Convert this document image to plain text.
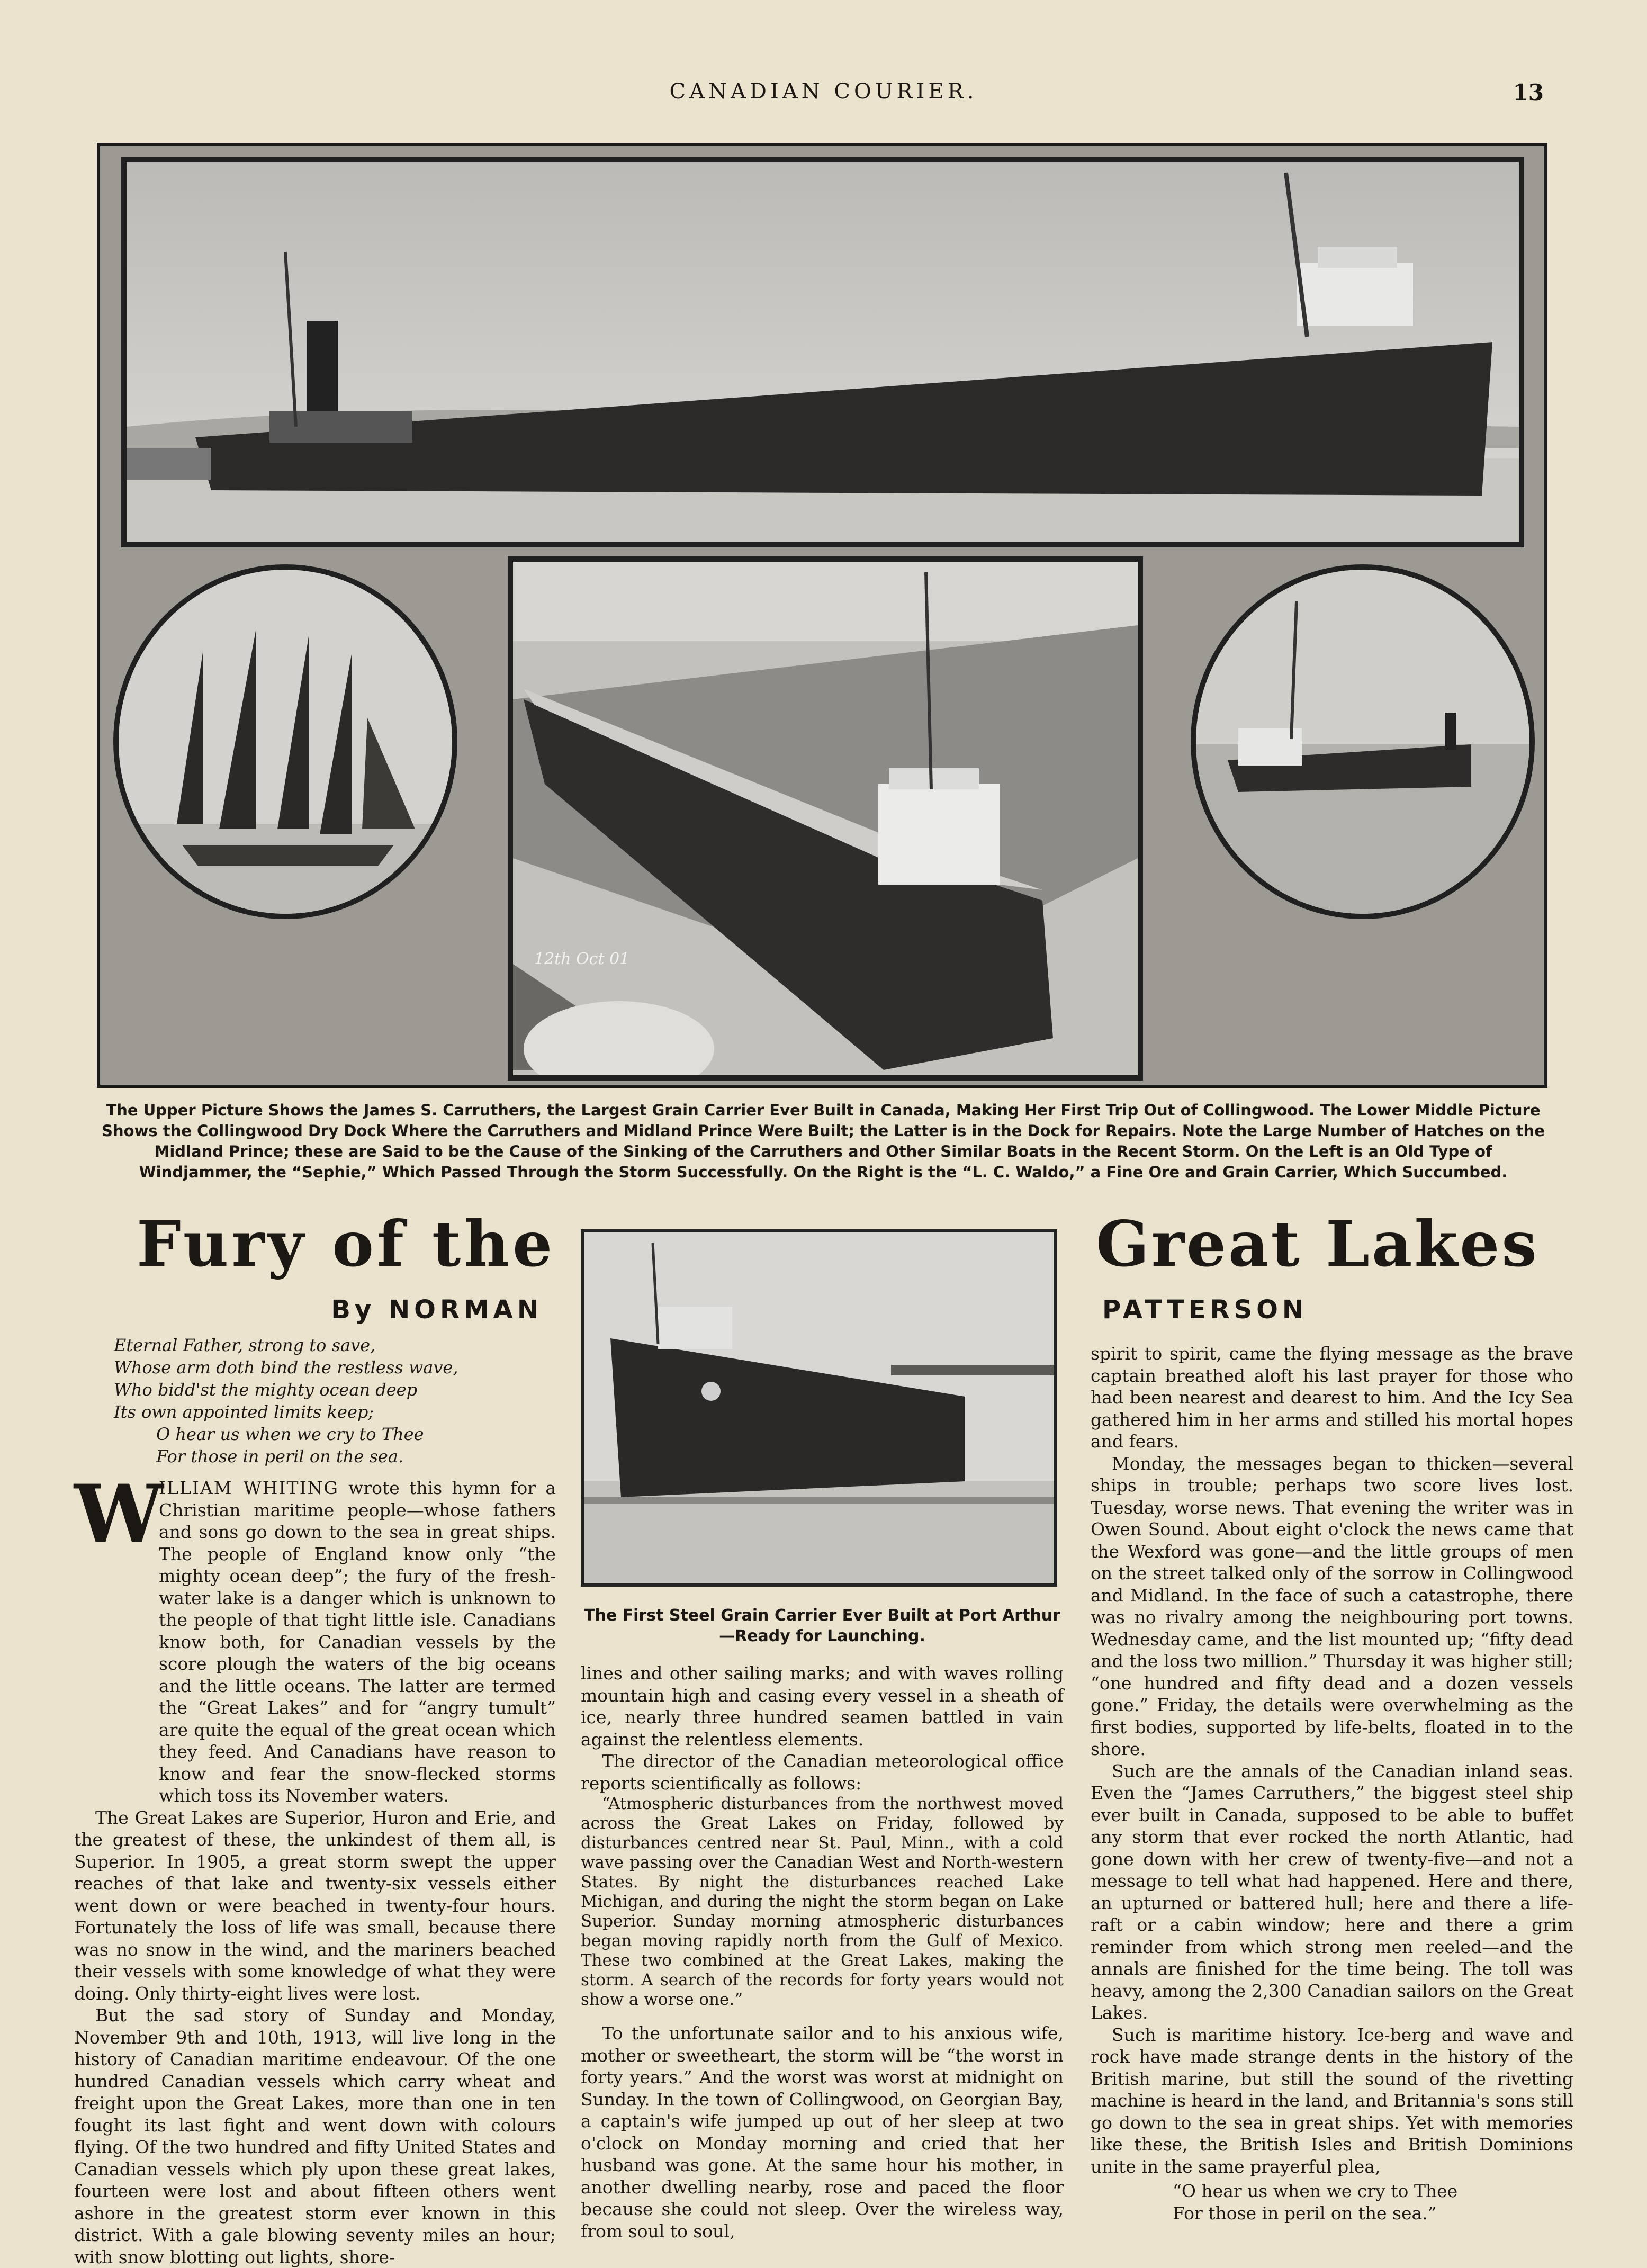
CANADIAN COURIER.	13
12th Oct 01
The Upper Picture Shows the James S. Carruthers, the Largest Grain Carrier Ever Built in Canada, Making Her First Trip Out of Collingwood. The Lower Middle Picture Shows the Collingwood Dry Dock Where the Carruthers and Midland Prince Were Built; the Latter is in the Dock for Repairs. Note the Large Number of Hatches on the Midland Prince; these are Said to be the Cause of the Sinking of the Carruthers and Other Similar Boats in the Recent Storm. On the Left is an Old Type of Windjammer, the “Sephie,” Which Passed Through the Storm Successfully. On the Right is the “L. C. Waldo,” a Fine Ore and Grain Carrier, Which Succumbed.
Fury of the	Great Lakes
By NORMAN	PATTERSON
Eternal Father, strong to save,
Whose arm doth bind the restless wave,
Who bidd'st the mighty ocean deep
Its own appointed limits keep;
O hear us when we cry to Thee
For those in peril on the sea.
W

ILLIAM WHITING wrote this hymn for a Christian maritime people—whose fathers and sons go down to the sea in great ships. The people of England know only “the mighty ocean deep”; the fury of the fresh-water lake is a danger which is unknown to the people of that tight little isle. Canadians know both, for Canadian vessels by the score plough the waters of the big oceans and the little oceans. The latter are termed the “Great Lakes” and for “angry tumult” are quite the equal of the great ocean which they feed. And Canadians have reason to know and fear the snow-flecked storms which toss its November waters.

The Great Lakes are Superior, Huron and Erie, and the greatest of these, the unkindest of them all, is Superior. In 1905, a great storm swept the upper reaches of that lake and twenty-six vessels either went down or were beached in twenty-four hours. Fortunately the loss of life was small, because there was no snow in the wind, and the mariners beached their vessels with some knowledge of what they were doing. Only thirty-eight lives were lost.

But the sad story of Sunday and Monday, November 9th and 10th, 1913, will live long in the history of Canadian maritime endeavour. Of the one hundred Canadian vessels which carry wheat and freight upon the Great Lakes, more than one in ten fought its last fight and went down with colours flying. Of the two hundred and fifty United States and Canadian vessels which ply upon these great lakes, fourteen were lost and about fifteen others went ashore in the greatest storm ever known in this district. With a gale blowing seventy miles an hour; with snow blotting out lights, shore-

The First Steel Grain Carrier Ever Built at Port Arthur—Ready for Launching.

lines and other sailing marks; and with waves rolling mountain high and casing every vessel in a sheath of ice, nearly three hundred seamen battled in vain against the relentless elements.

The director of the Canadian meteorological office reports scientifically as follows:

“Atmospheric disturbances from the northwest moved across the Great Lakes on Friday, followed by disturbances centred near St. Paul, Minn., with a cold wave passing over the Canadian West and North-western States. By night the disturbances reached Lake Michigan, and during the night the storm began on Lake Superior. Sunday morning atmospheric disturbances began moving rapidly north from the Gulf of Mexico. These two combined at the Great Lakes, making the storm. A search of the records for forty years would not show a worse one.”

To the unfortunate sailor and to his anxious wife, mother or sweetheart, the storm will be “the worst in forty years.” And the worst was worst at midnight on Sunday. In the town of Collingwood, on Georgian Bay, a captain's wife jumped up out of her sleep at two o'clock on Monday morning and cried that her husband was gone. At the same hour his mother, in another dwelling nearby, rose and paced the floor because she could not sleep. Over the wireless way, from soul to soul,

spirit to spirit, came the flying message as the brave captain breathed aloft his last prayer for those who had been nearest and dearest to him. And the Icy Sea gathered him in her arms and stilled his mortal hopes and fears.

Monday, the messages began to thicken—several ships in trouble; perhaps two score lives lost. Tuesday, worse news. That evening the writer was in Owen Sound. About eight o'clock the news came that the Wexford was gone—and the little groups of men on the street talked only of the sorrow in Collingwood and Midland. In the face of such a catastrophe, there was no rivalry among the neighbouring port towns. Wednesday came, and the list mounted up; “fifty dead and the loss two million.” Thursday it was higher still; “one hundred and fifty dead and a dozen vessels gone.” Friday, the details were overwhelming as the first bodies, supported by life-belts, floated in to the shore.

Such are the annals of the Canadian inland seas. Even the “James Carruthers,” the biggest steel ship ever built in Canada, supposed to be able to buffet any storm that ever rocked the north Atlantic, had gone down with her crew of twenty-five—and not a message to tell what had happened. Here and there, an upturned or battered hull; here and there a life-raft or a cabin window; here and there a grim reminder from which strong men reeled—and the annals are finished for the time being. The toll was heavy, among the 2,300 Canadian sailors on the Great Lakes.

Such is maritime history. Ice-berg and wave and rock have made strange dents in the history of the British marine, but still the sound of the rivetting machine is heard in the land, and Britannia's sons still go down to the sea in great ships. Yet with memories like these, the British Isles and British Dominions unite in the same prayerful plea,

“O hear us when we cry to Thee
For those in peril on the sea.”
